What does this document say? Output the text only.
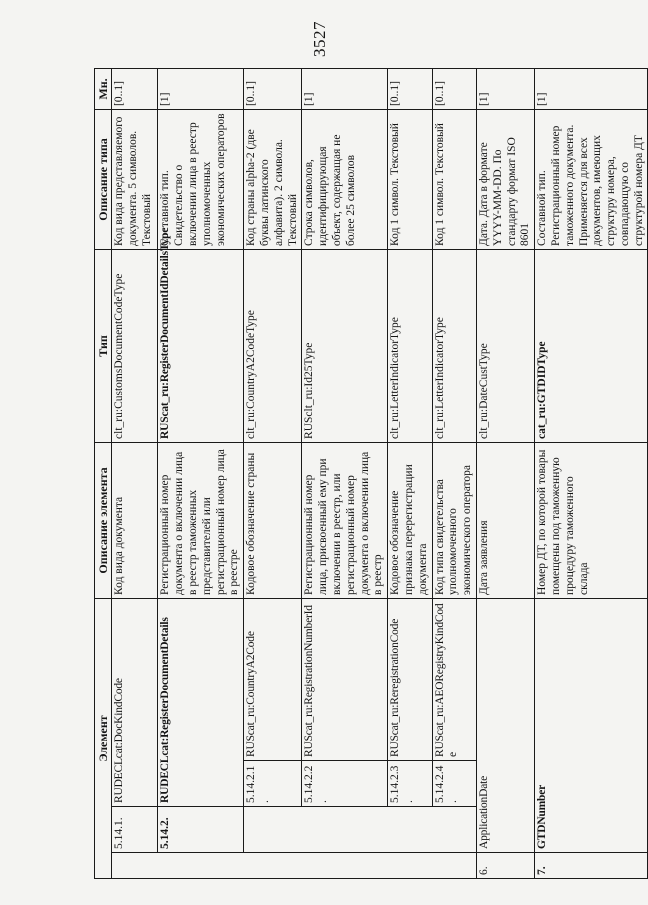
3527
Элемент				Описание элемента	Тип	Описание типа	Мн.
	5.14.1.	RUDECLcat:DocKindCode		Код вида документа	clt_ru:CustomsDocumentCodeType	Код вида представляемого документа. 5 символов. Текстовый	[0..1]
	5.14.2.	RUDECLcat:RegisterDocumentDetails		Регистрационный номер документа о включении лица в реестр таможенных представителей или регистрационный номер лица в реестре	RUScat_ru:RegisterDocumentIdDetailsType	Составной тип. Свидетельство о включении лица в реестр уполномоченных экономических операторов	[1]
		5.14.2.1.	RUScat_ru:CountryA2Code	Кодовое обозначение страны	clt_ru:CountryA2CodeType	Код страны alpha-2 (две буквы латинского алфавита). 2 символа. Текстовый	[0..1]
		5.14.2.2.	RUScat_ru:RegistrationNumberId	Регистрационный номер лица, присвоенный ему при включении в реестр, или регистрационный номер документа о включении лица в реестр	RUSclt_ru:Id25Type	Строка символов, идентифицирующая объект, содержащая не более 25 символов	[1]
		5.14.2.3.	RUScat_ru:ReregistrationCode	Кодовое обозначение признака перерегистрации документа	clt_ru:LetterIndicatorType	Код 1 символ. Текстовый	[0..1]
		5.14.2.4.	RUScat_ru:AEORegistryKindCode	Код типа свидетельства уполномоченного экономического оператора	clt_ru:LetterIndicatorType	Код 1 символ. Текстовый	[0..1]
6.	ApplicationDate			Дата заявления	clt_ru:DateCustType	Дата. Дата в формате YYYY-MM-DD. По стандарту формат ISO 8601	[1]
7.	GTDNumber			Номер ДТ, по которой товары помещены под таможенную процедуру таможенного склада	cat_ru:GTDIDType	Составной тип. Регистрационный номер таможенного документа. Применяется для всех документов, имеющих структуру номера, совпадающую со структурой номера ДТ	[1]
